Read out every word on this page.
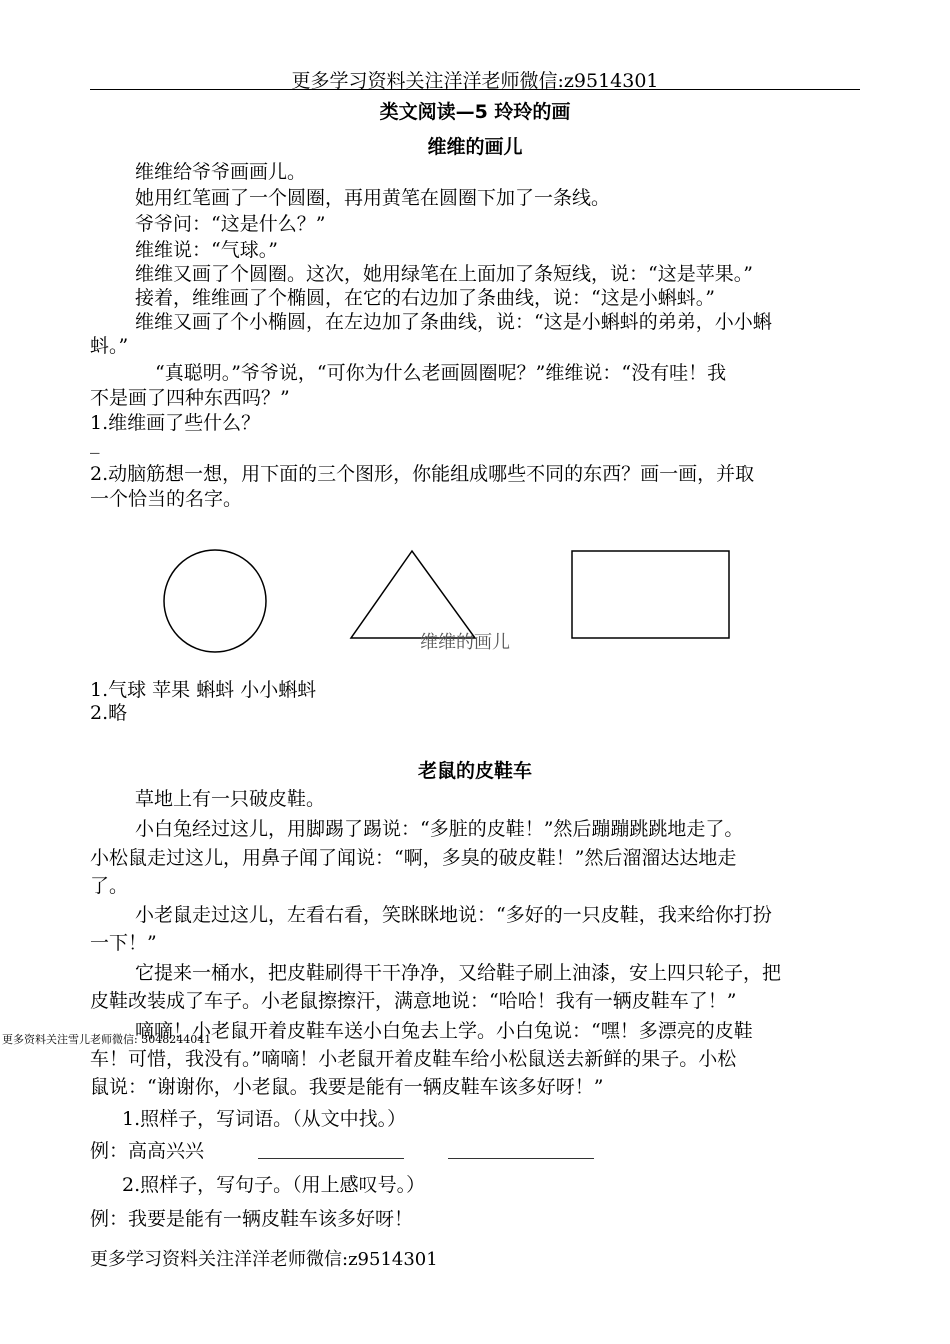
更多学习资料关注洋洋老师微信:z9514301
类文阅读—5 玲玲的画
维维的画儿
维维给爷爷画画儿。
她用红笔画了一个圆圈，再用黄笔在圆圈下加了一条线。
爷爷问：“这是什么？”
维维说：“气球。”
维维又画了个圆圈。这次，她用绿笔在上面加了条短线，说：“这是苹果。”
接着，维维画了个椭圆，在它的右边加了条曲线，说：“这是小蝌蚪。”
维维又画了个小椭圆，在左边加了条曲线，说：“这是小蝌蚪的弟弟，小小蝌
蚪。”
“真聪明。”爷爷说，“可你为什么老画圆圈呢？”维维说：“没有哇！我
不是画了四种东西吗？”
1.维维画了些什么？
_
2.动脑筋想一想，用下面的三个图形，你能组成哪些不同的东西？画一画，并取
一个恰当的名字。
维维的画儿
1.气球 苹果 蝌蚪 小小蝌蚪
2.略
老鼠的皮鞋车
草地上有一只破皮鞋。
小白兔经过这儿，用脚踢了踢说：“多脏的皮鞋！”然后蹦蹦跳跳地走了。
小松鼠走过这儿，用鼻子闻了闻说：“啊，多臭的破皮鞋！”然后溜溜达达地走
了。
小老鼠走过这儿，左看右看，笑眯眯地说：“多好的一只皮鞋，我来给你打扮
一下！”
它提来一桶水，把皮鞋刷得干干净净，又给鞋子刷上油漆，安上四只轮子，把
皮鞋改装成了车子。小老鼠擦擦汗，满意地说：“哈哈！我有一辆皮鞋车了！”
嘀嘀！小老鼠开着皮鞋车送小白兔去上学。小白兔说：“嘿！多漂亮的皮鞋
车！可惜，我没有。”嘀嘀！小老鼠开着皮鞋车给小松鼠送去新鲜的果子。小松
鼠说：“谢谢你，小老鼠。我要是能有一辆皮鞋车该多好呀！”
更多资料关注雪儿老师微信: 3048244041
1.照样子，写词语。（从文中找。）
例：高高兴兴
2.照样子，写句子。（用上感叹号。）
例：我要是能有一辆皮鞋车该多好呀！
更多学习资料关注洋洋老师微信:z9514301
